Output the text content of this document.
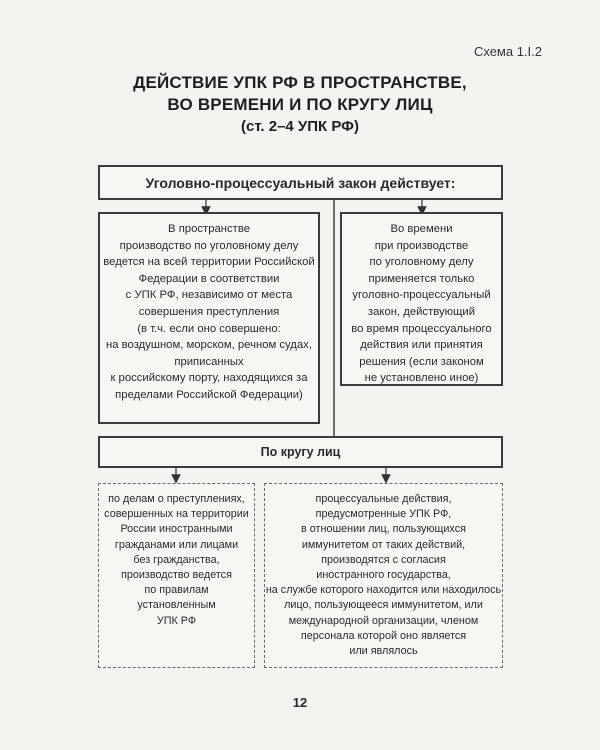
Схема 1.I.2
ДЕЙСТВИЕ УПК РФ В ПРОСТРАНСТВЕ,
ВО ВРЕМЕНИ И ПО КРУГУ ЛИЦ
(ст. 2–4 УПК РФ)
Уголовно-процессуальный закон действует:
В пространстве
производство по уголовному делу
ведется на всей территории Российской
Федерации в соответствии
с УПК РФ, независимо от места
совершения преступления
(в т.ч. если оно совершено:
на воздушном, морском, речном судах,
приписанных
к российскому порту, находящихся за
пределами Российской Федерации)
Во времени
при производстве
по уголовному делу
применяется только
уголовно-процессуальный
закон, действующий
во время процессуального
действия или принятия
решения (если законом
не установлено иное)
По кругу лиц
по делам о преступлениях,
совершенных на территории
России иностранными
гражданами или лицами
без гражданства,
производство ведется
по правилам
установленным
УПК РФ
процессуальные действия,
предусмотренные УПК РФ,
в отношении лиц, пользующихся
иммунитетом от таких действий,
производятся с согласия
иностранного государства,
на службе которого находится или находилось
лицо, пользующееся иммунитетом, или
международной организации, членом
персонала которой оно является
или являлось
12
